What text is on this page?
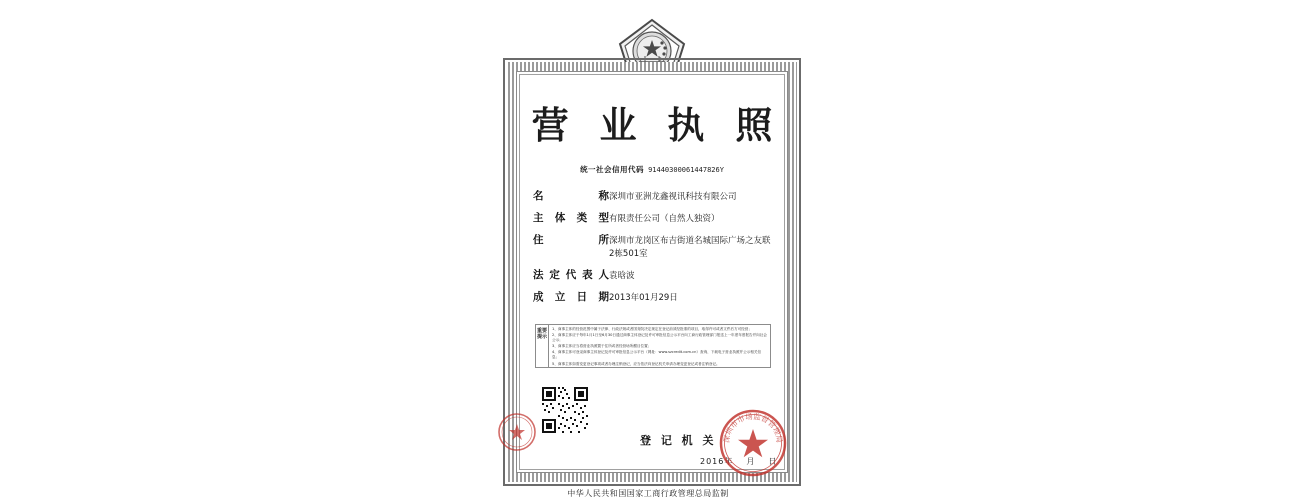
营 业 执 照
统一社会信用代码 91440300061447826Y
名称 深圳市亚洲龙鑫视讯科技有限公司
主体类型 有限责任公司（自然人独资）
住所 深圳市龙岗区布吉街道名城国际广场之友联
2栋501室
法定代表人 袁晗波
成立日期 2013年01月29日
重要提示

1、商事主体的经营范围中属于法律、行政法规或者国务院决定规定在登记前须经批准的项目，取得许可或者文件后方可经营；

2、商事主体应于每年1月1日至6月30日通过商事主体登记及许可审批信息公示平台向工商行政管理部门报送上一年度年度报告并向社会公示；

3、商事主体应当将营业执照置于住所或者经营场所醒目位置；

4、商事主体可登录商事主体登记及许可审批信息公示平台（网址：www.szcredit.com.cn）查询、下载电子营业执照并公示相关信息；

5、商事主体如需变更登记事项或者办理注销登记，应当依法向登记机关申请办理变更登记或者注销登记。

登 记 机 关
2016年 月 日
深圳市市场监督管理局
中华人民共和国国家工商行政管理总局监制
